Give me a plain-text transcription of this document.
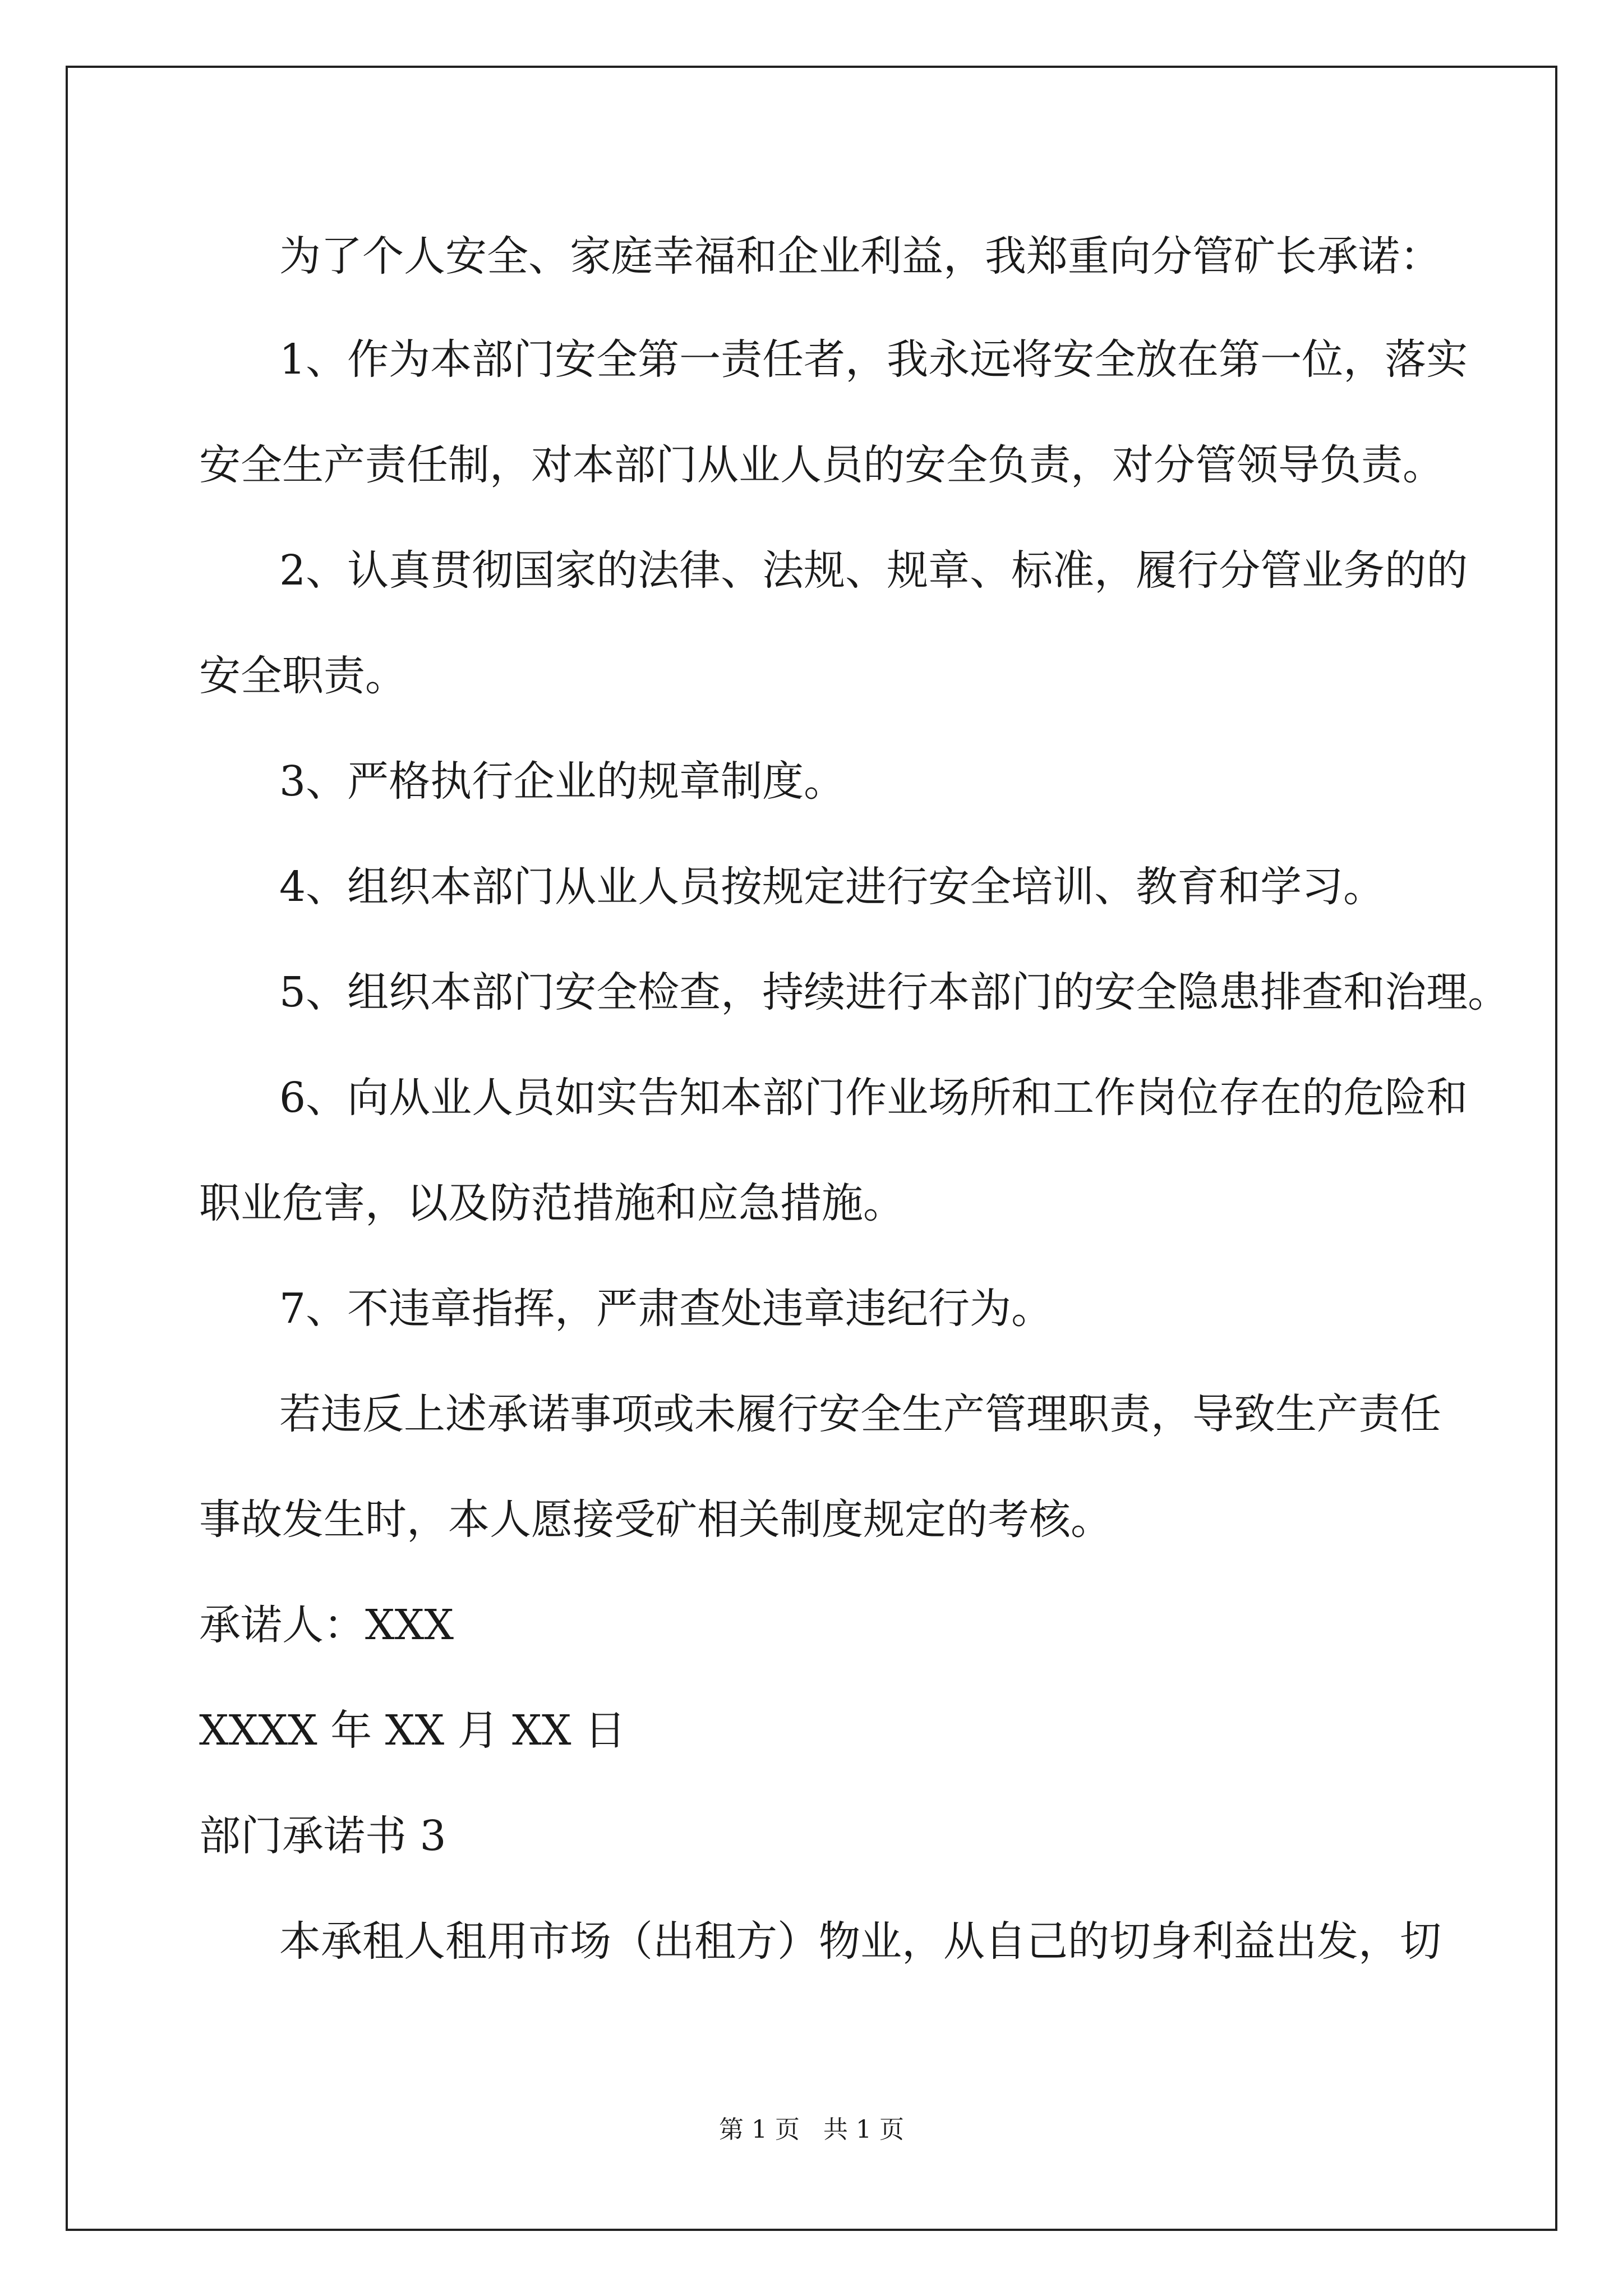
为了个人安全、家庭幸福和企业利益，我郑重向分管矿长承诺：
1、作为本部门安全第一责任者，我永远将安全放在第一位，落实
安全生产责任制，对本部门从业人员的安全负责，对分管领导负责。
2、认真贯彻国家的法律、法规、规章、标准，履行分管业务的的
安全职责。
3、严格执行企业的规章制度。
4、组织本部门从业人员按规定进行安全培训、教育和学习。
5、组织本部门安全检查，持续进行本部门的安全隐患排查和治理。
6、向从业人员如实告知本部门作业场所和工作岗位存在的危险和
职业危害，以及防范措施和应急措施。
7、不违章指挥，严肃查处违章违纪行为。
若违反上述承诺事项或未履行安全生产管理职责，导致生产责任
事故发生时，本人愿接受矿相关制度规定的考核。
承诺人：XXX
XXXX 年 XX 月 XX 日
部门承诺书 3
本承租人租用市场（出租方）物业，从自己的切身利益出发，切
第 1 页   共 1 页
